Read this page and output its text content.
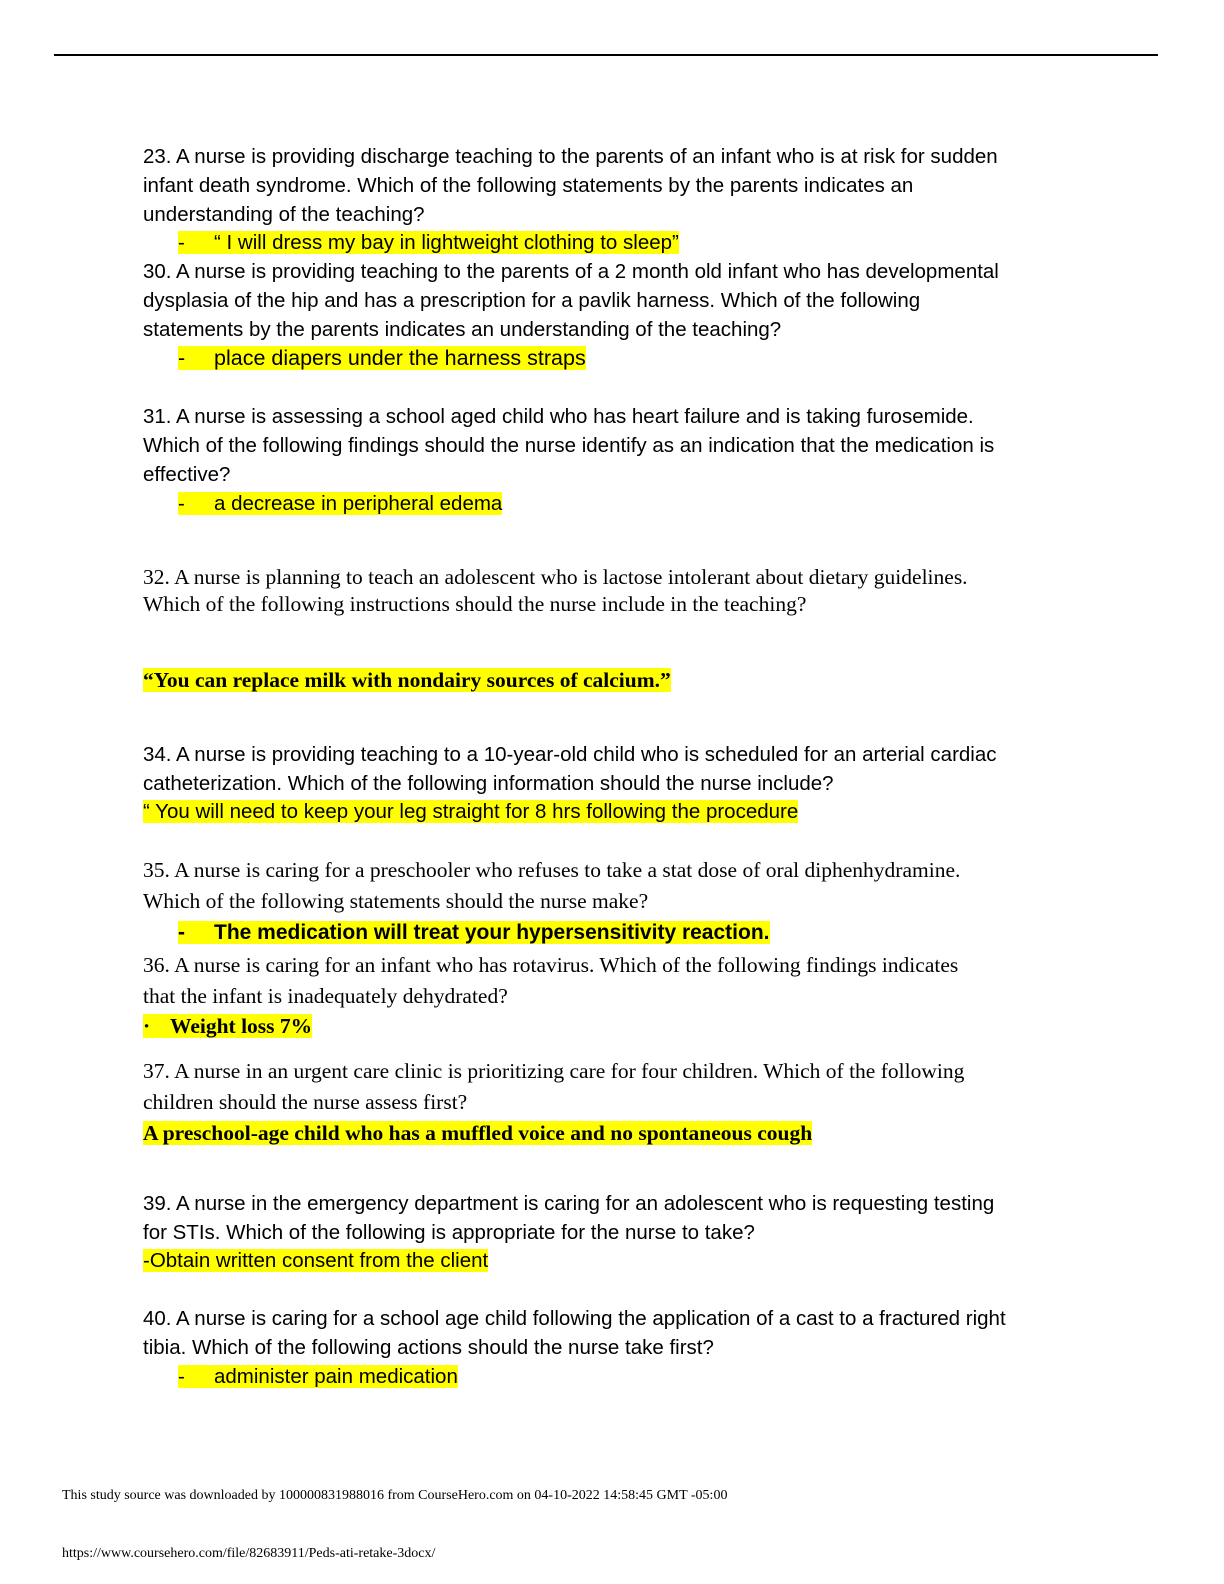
23. A nurse is providing discharge teaching to the parents of an infant who is at risk for sudden
infant death syndrome. Which of the following statements by the parents indicates an
understanding of the teaching?

- “ I will dress my bay in lightweight clothing to sleep”

30. A nurse is providing teaching to the parents of a 2 month old infant who has developmental
dysplasia of the hip and has a prescription for a pavlik harness. Which of the following
statements by the parents indicates an understanding of the teaching?

- place diapers under the harness straps

31. A nurse is assessing a school aged child who has heart failure and is taking furosemide.
Which of the following findings should the nurse identify as an indication that the medication is
effective?

- a decrease in peripheral edema

32. A nurse is planning to teach an adolescent who is lactose intolerant about dietary guidelines.
Which of the following instructions should the nurse include in the teaching?

“You can replace milk with nondairy sources of calcium.”

34. A nurse is providing teaching to a 10-year-old child who is scheduled for an arterial cardiac
catheterization. Which of the following information should the nurse include?

“ You will need to keep your leg straight for 8 hrs following the procedure

35. A nurse is caring for a preschooler who refuses to take a stat dose of oral diphenhydramine.
Which of the following statements should the nurse make?

- The medication will treat your hypersensitivity reaction.

36. A nurse is caring for an infant who has rotavirus. Which of the following findings indicates
that the infant is inadequately dehydrated?

· Weight loss 7%

37. A nurse in an urgent care clinic is prioritizing care for four children. Which of the following
children should the nurse assess first?

A preschool-age child who has a muffled voice and no spontaneous cough

39. A nurse in the emergency department is caring for an adolescent who is requesting testing
for STIs. Which of the following is appropriate for the nurse to take?

-Obtain written consent from the client

40. A nurse is caring for a school age child following the application of a cast to a fractured right
tibia. Which of the following actions should the nurse take first?

- administer pain medication

This study source was downloaded by 100000831988016 from CourseHero.com on 04-10-2022 14:58:45 GMT -05:00
https://www.coursehero.com/file/82683911/Peds-ati-retake-3docx/
